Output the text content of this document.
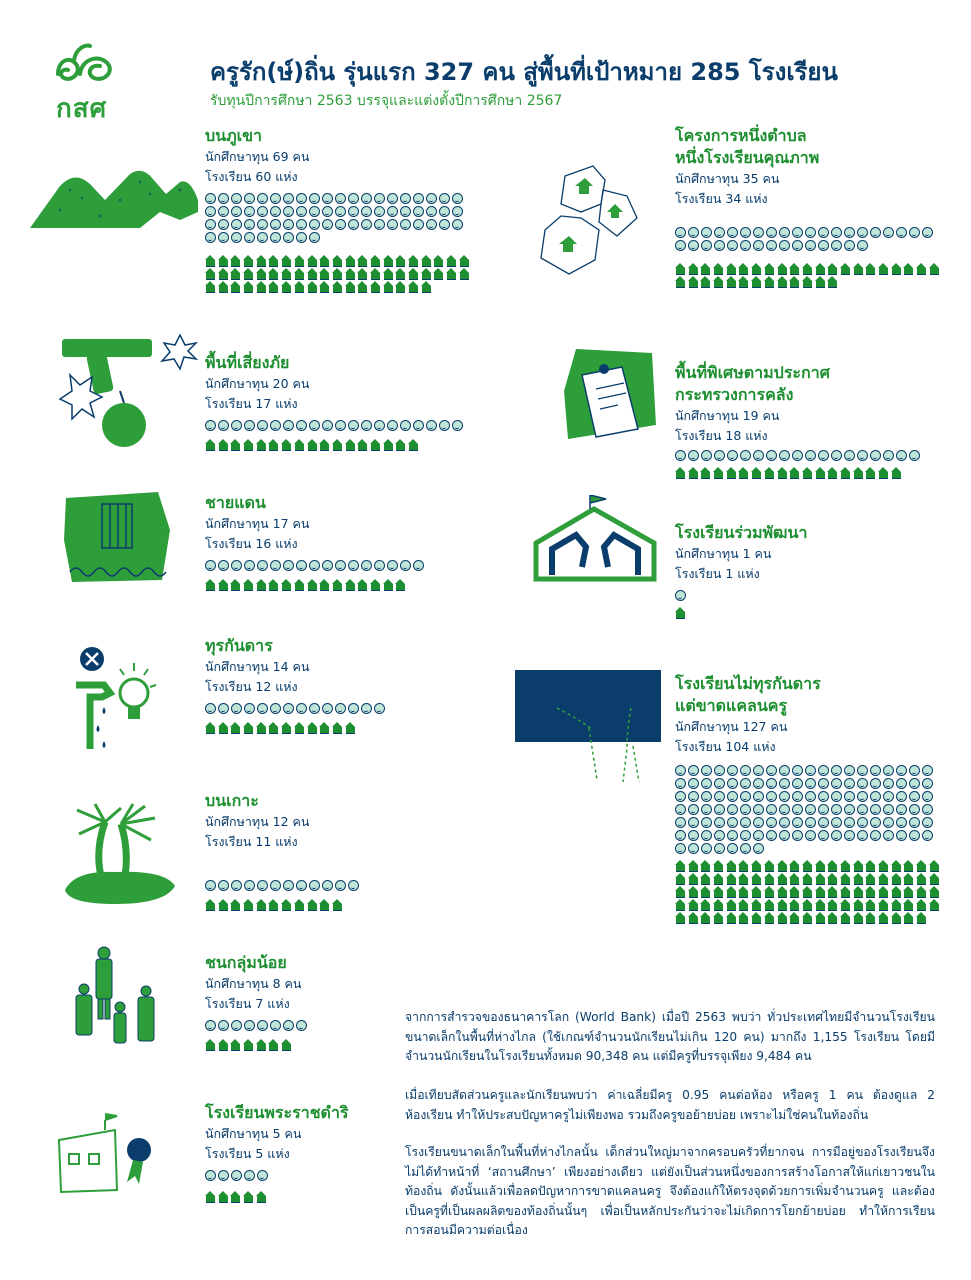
กสศ
ครูรัก(ษ์)ถิ่น รุ่นแรก 327 คน สู่พื้นที่เป้าหมาย 285 โรงเรียน
รับทุนปีการศึกษา 2563 บรรจุและแต่งตั้งปีการศึกษา 2567
บนภูเขา
นักศึกษาทุน 69 คน
โรงเรียน 60 แห่ง
พื้นที่เสี่ยงภัย
นักศึกษาทุน 20 คน
โรงเรียน 17 แห่ง
ชายแดน
นักศึกษาทุน 17 คน
โรงเรียน 16 แห่ง
ทุรกันดาร
นักศึกษาทุน 14 คน
โรงเรียน 12 แห่ง
บนเกาะ
นักศึกษาทุน 12 คน
โรงเรียน 11 แห่ง
ชนกลุ่มน้อย
นักศึกษาทุน 8 คน
โรงเรียน 7 แห่ง
โรงเรียนพระราชดำริ
นักศึกษาทุน 5 คน
โรงเรียน 5 แห่ง
โครงการหนึ่งตำบล
หนึ่งโรงเรียนคุณภาพ
นักศึกษาทุน 35 คน
โรงเรียน 34 แห่ง
พื้นที่พิเศษตามประกาศ
กระทรวงการคลัง
นักศึกษาทุน 19 คน
โรงเรียน 18 แห่ง
โรงเรียนร่วมพัฒนา
นักศึกษาทุน 1 คน
โรงเรียน 1 แห่ง
โรงเรียนไม่ทุรกันดาร
แต่ขาดแคลนครู
นักศึกษาทุน 127 คน
โรงเรียน 104 แห่ง
จากการสำรวจของธนาคารโลก (World Bank) เมื่อปี 2563 พบว่า ทั่วประเทศไทยมีจำนวนโรงเรียนขนาดเล็กในพื้นที่ห่างไกล (ใช้เกณฑ์จำนวนนักเรียนไม่เกิน 120 คน) มากถึง 1,155 โรงเรียน โดยมีจำนวนนักเรียนในโรงเรียนทั้งหมด 90,348 คน แต่มีครูที่บรรจุเพียง 9,484 คน
เมื่อเทียบสัดส่วนครูและนักเรียนพบว่า ค่าเฉลี่ยมีครู 0.95 คนต่อห้อง หรือครู 1 คน ต้องดูแล 2 ห้องเรียน ทำให้ประสบปัญหาครูไม่เพียงพอ รวมถึงครูขอย้ายบ่อย เพราะไม่ใช่คนในท้องถิ่น
โรงเรียนขนาดเล็กในพื้นที่ห่างไกลนั้น เด็กส่วนใหญ่มาจากครอบครัวที่ยากจน การมีอยู่ของโรงเรียนจึงไม่ได้ทำหน้าที่ ‘สถานศึกษา’ เพียงอย่างเดียว แต่ยังเป็นส่วนหนึ่งของการสร้างโอกาสให้แก่เยาวชนในท้องถิ่น ดังนั้นแล้วเพื่อลดปัญหาการขาดแคลนครู จึงต้องแก้ให้ตรงจุดด้วยการเพิ่มจำนวนครู และต้องเป็นครูที่เป็นผลผลิตของท้องถิ่นนั้นๆ เพื่อเป็นหลักประกันว่าจะไม่เกิดการโยกย้ายบ่อย ทำให้การเรียนการสอนมีความต่อเนื่อง
